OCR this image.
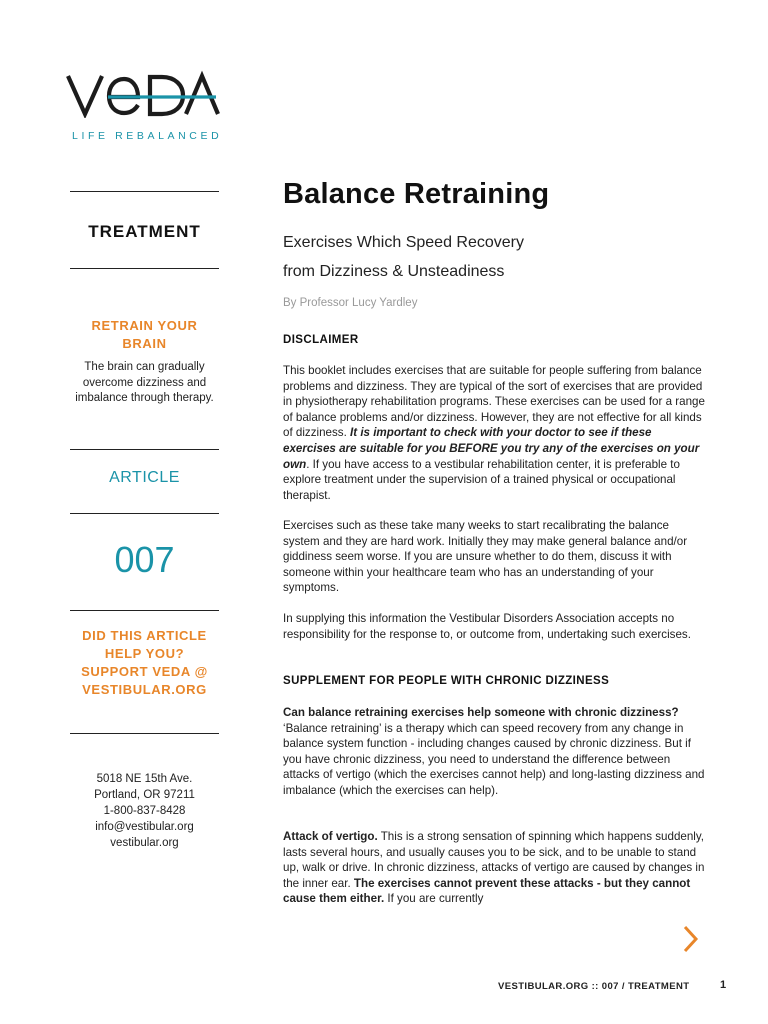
LIFE REBALANCED
TREATMENT
RETRAIN YOUR BRAIN
The brain can gradually overcome dizziness and imbalance through therapy.
ARTICLE
007
DID THIS ARTICLE HELP YOU? SUPPORT VEDA @ VESTIBULAR.ORG
5018 NE 15th Ave.
Portland, OR 97211
1-800-837-8428
info@vestibular.org
vestibular.org
Balance Retraining
Exercises Which Speed Recovery
from Dizziness & Unsteadiness
By Professor Lucy Yardley
DISCLAIMER

This booklet includes exercises that are suitable for people suffering from balance problems and dizziness. They are typical of the sort of exercises that are provided in physiotherapy rehabilitation programs. These exercises can be used for a range of balance problems and/or dizziness. However, they are not effective for all kinds of dizziness. It is important to check with your doctor to see if these exercises are suitable for you BEFORE you try any of the exercises on your own. If you have access to a vestibular rehabilitation center, it is preferable to explore treatment under the supervision of a trained physical or occupational therapist.

Exercises such as these take many weeks to start recalibrating the balance system and they are hard work. Initially they may make general balance and/or giddiness seem worse. If you are unsure whether to do them, discuss it with someone within your healthcare team who has an understanding of your symptoms.
In supplying this information the Vestibular Disorders Association accepts no responsibility for the response to, or outcome from, undertaking such exercises.
SUPPLEMENT FOR PEOPLE WITH CHRONIC DIZZINESS

Can balance retraining exercises help someone with chronic dizziness?

‘Balance retraining’ is a therapy which can speed recovery from any change in balance system function - including changes caused by chronic dizziness. But if you have chronic dizziness, you need to understand the difference between attacks of vertigo (which the exercises cannot help) and long-lasting dizziness and imbalance (which the exercises can help).

Attack of vertigo. This is a strong sensation of spinning which happens suddenly, lasts several hours, and usually causes you to be sick, and to be unable to stand up, walk or drive. In chronic dizziness, attacks of vertigo are caused by changes in the inner ear. The exercises cannot prevent these attacks - but they cannot cause them either. If you are currently

VESTIBULAR.ORG :: 007 / TREATMENT	1
